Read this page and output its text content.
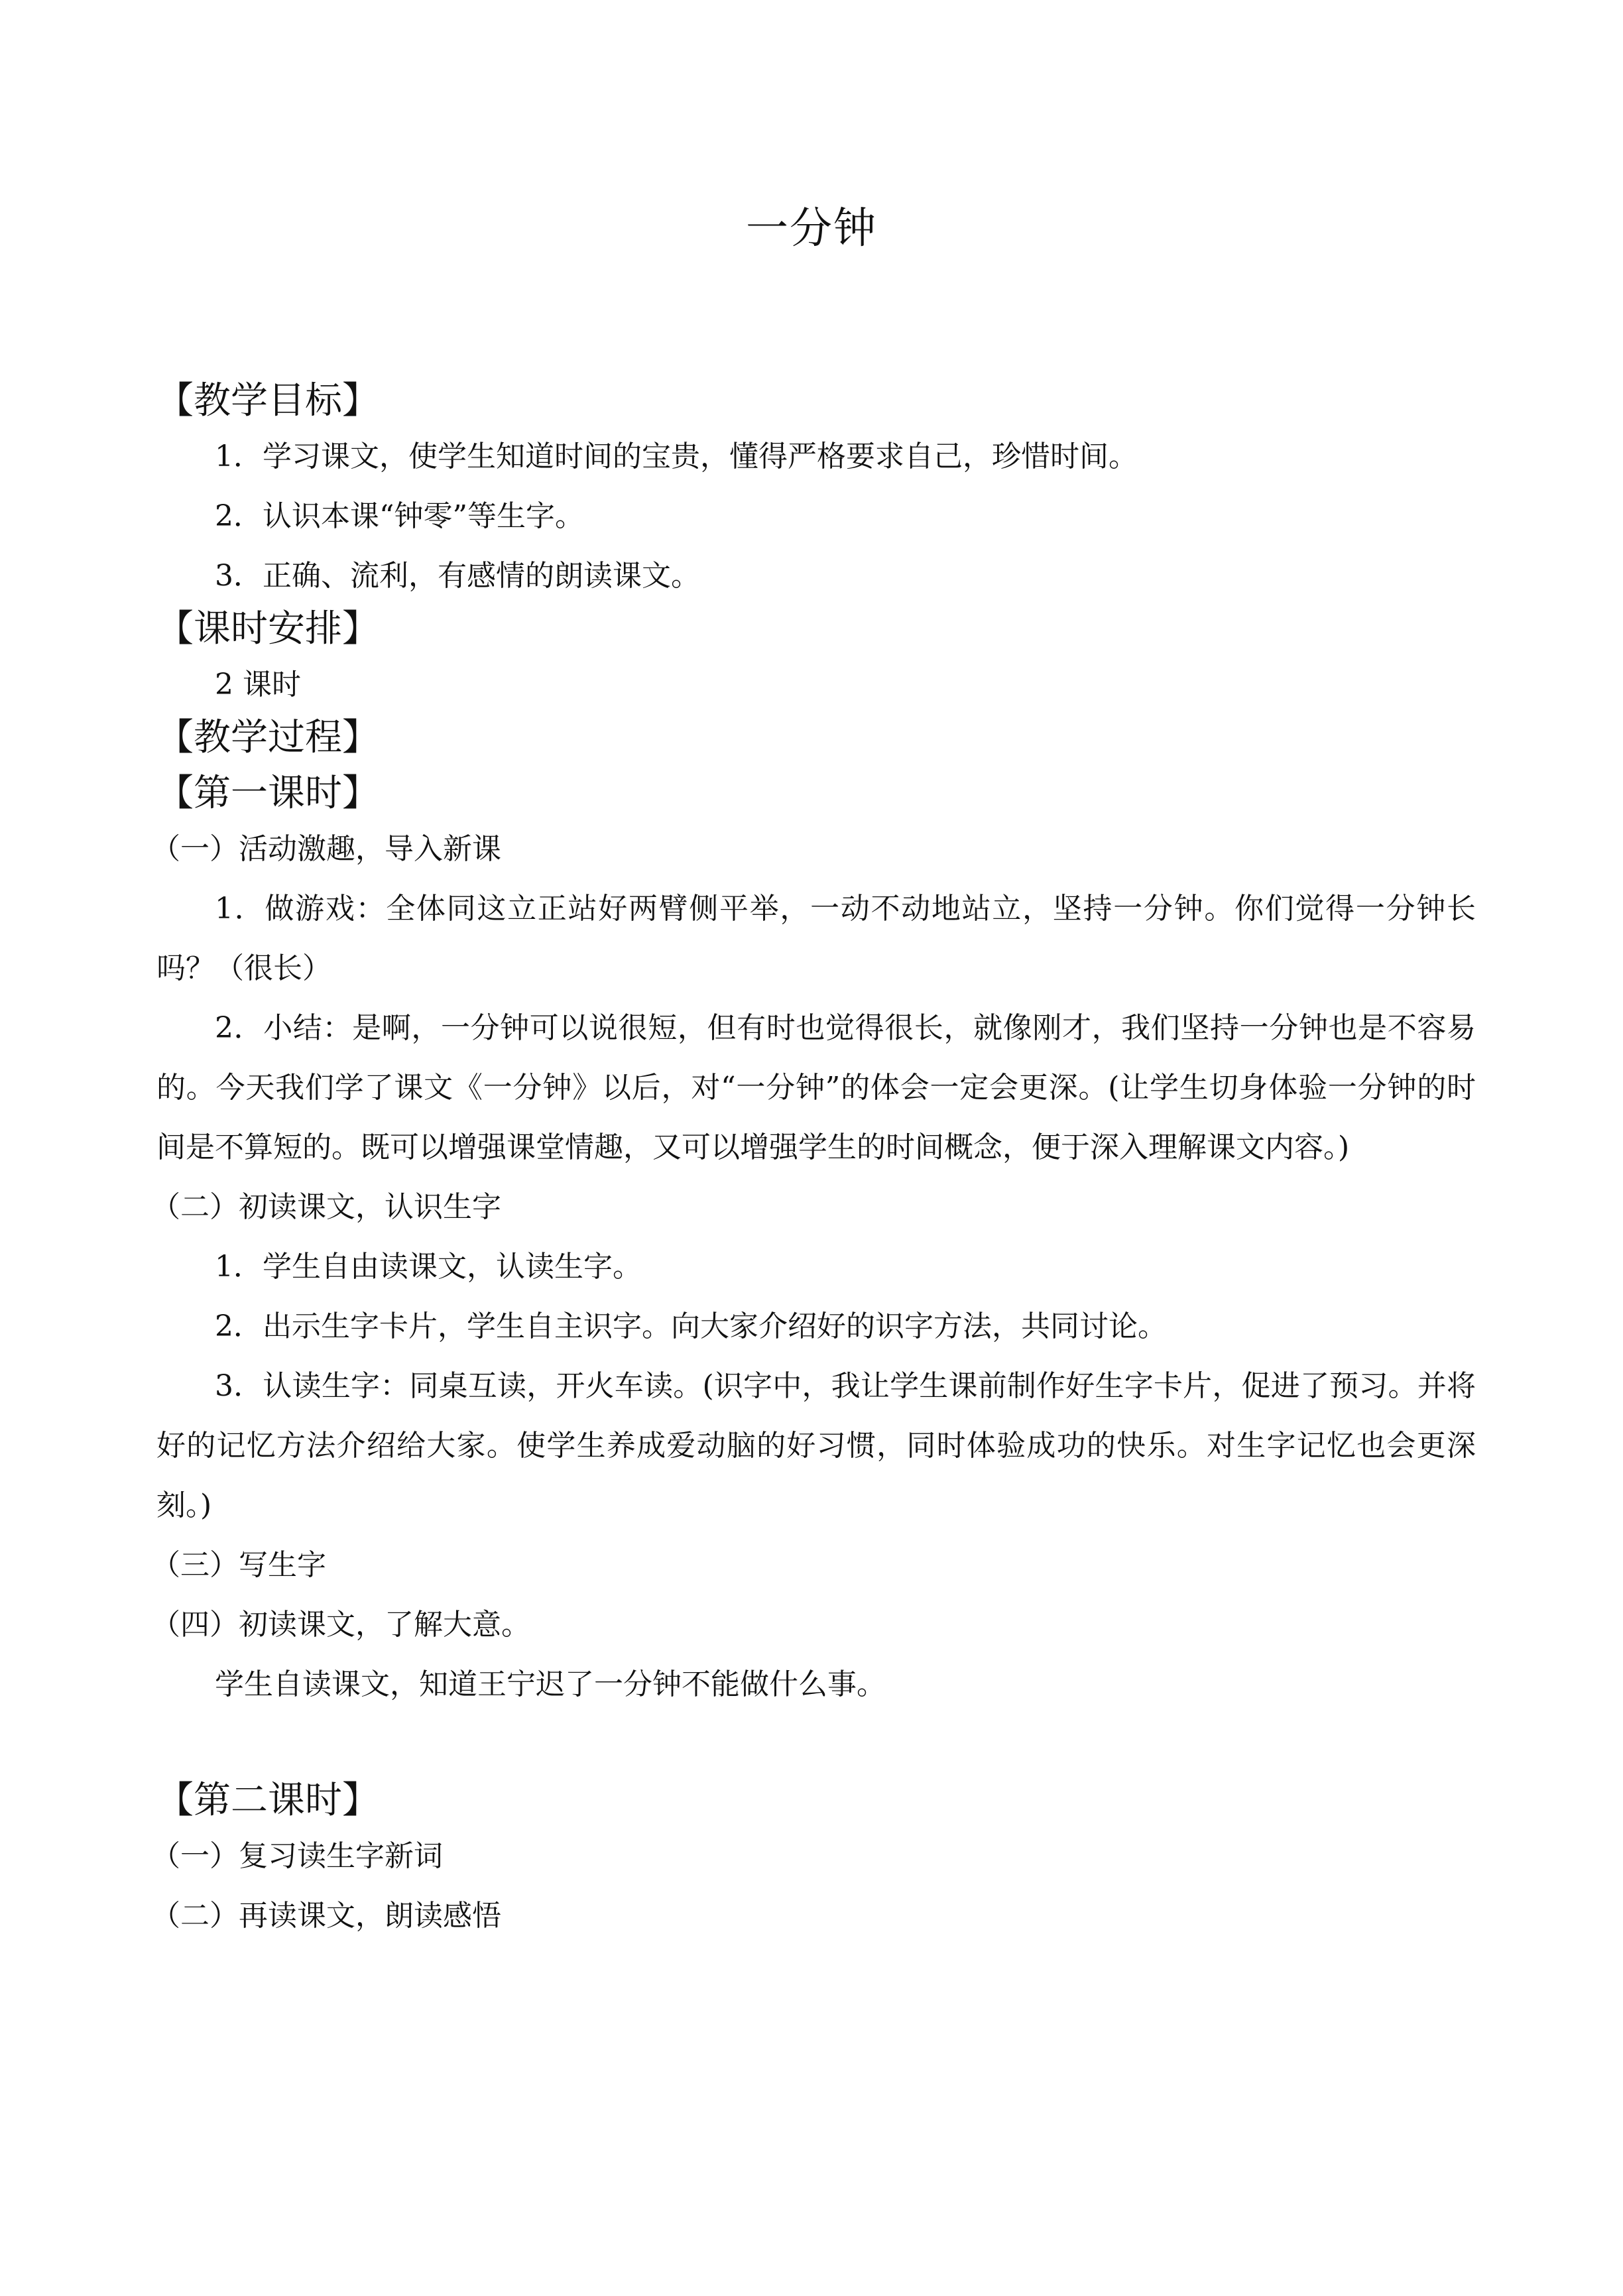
一分钟
【教学目标】
1．学习课文，使学生知道时间的宝贵，懂得严格要求自己，珍惜时间。
2．认识本课“钟零”等生字。
3．正确、流利，有感情的朗读课文。
【课时安排】
2 课时
【教学过程】
【第一课时】
（一）活动激趣，导入新课
1．做游戏：全体同这立正站好两臂侧平举，一动不动地站立，坚持一分钟。你们觉得一分钟长吗？（很长）
2．小结：是啊，一分钟可以说很短，但有时也觉得很长，就像刚才，我们坚持一分钟也是不容易的。今天我们学了课文《一分钟》以后，对“一分钟”的体会一定会更深。(让学生切身体验一分钟的时间是不算短的。既可以增强课堂情趣，又可以增强学生的时间概念，便于深入理解课文内容。)
（二）初读课文，认识生字
1．学生自由读课文，认读生字。
2．出示生字卡片，学生自主识字。向大家介绍好的识字方法，共同讨论。
3．认读生字：同桌互读，开火车读。(识字中，我让学生课前制作好生字卡片，促进了预习。并将好的记忆方法介绍给大家。使学生养成爱动脑的好习惯，同时体验成功的快乐。对生字记忆也会更深刻。)
（三）写生字
（四）初读课文，了解大意。
学生自读课文，知道王宁迟了一分钟不能做什么事。
【第二课时】
（一）复习读生字新词
（二）再读课文，朗读感悟
